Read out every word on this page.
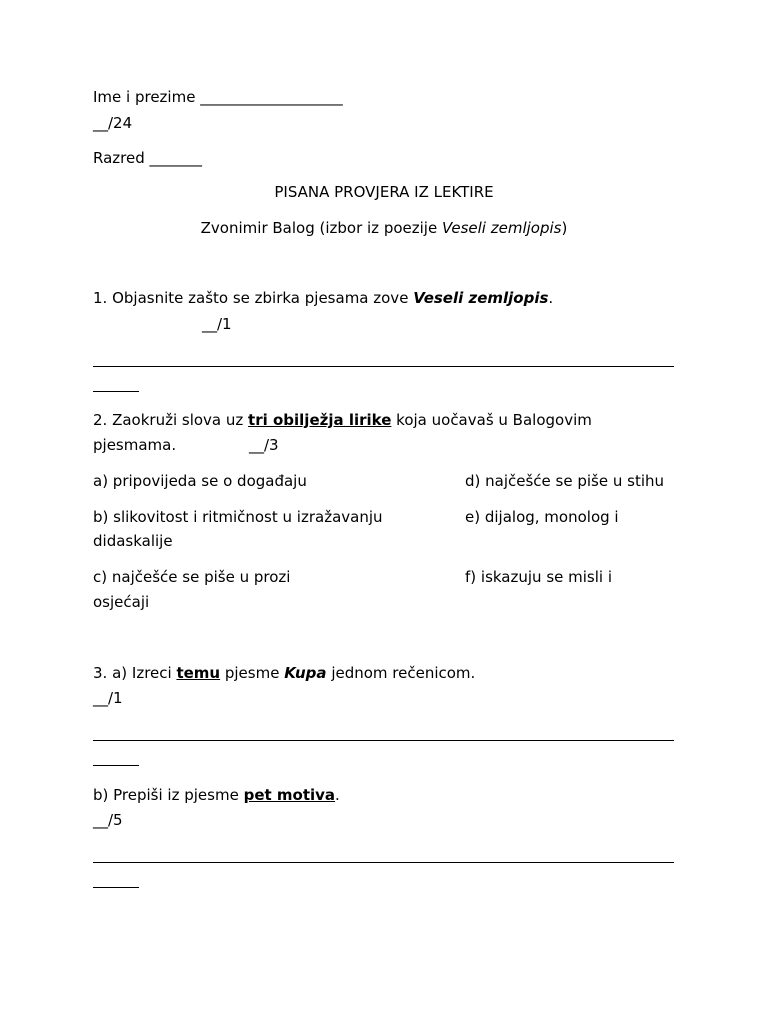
Ime i prezime ___________________
__/24
Razred _______
PISANA PROVJERA IZ LEKTIRE
Zvonimir Balog (izbor iz poezije Veseli zemljopis)
1. Objasnite zašto se zbirka pjesama zove Veseli zemljopis.
__/1
2. Zaokruži slova uz tri obilježja lirike koja uočavaš u Balogovim
pjesmama.	__/3
a) pripovijeda se o događaju	d) najčešće se piše u stihu
b) slikovitost i ritmičnost u izražavanju	e) dijalog, monolog i
didaskalije
c) najčešće se piše u prozi	f) iskazuju se misli i
osjećaji
3. a) Izreci temu pjesme Kupa jednom rečenicom.
__/1
b) Prepiši iz pjesme pet motiva.
__/5
